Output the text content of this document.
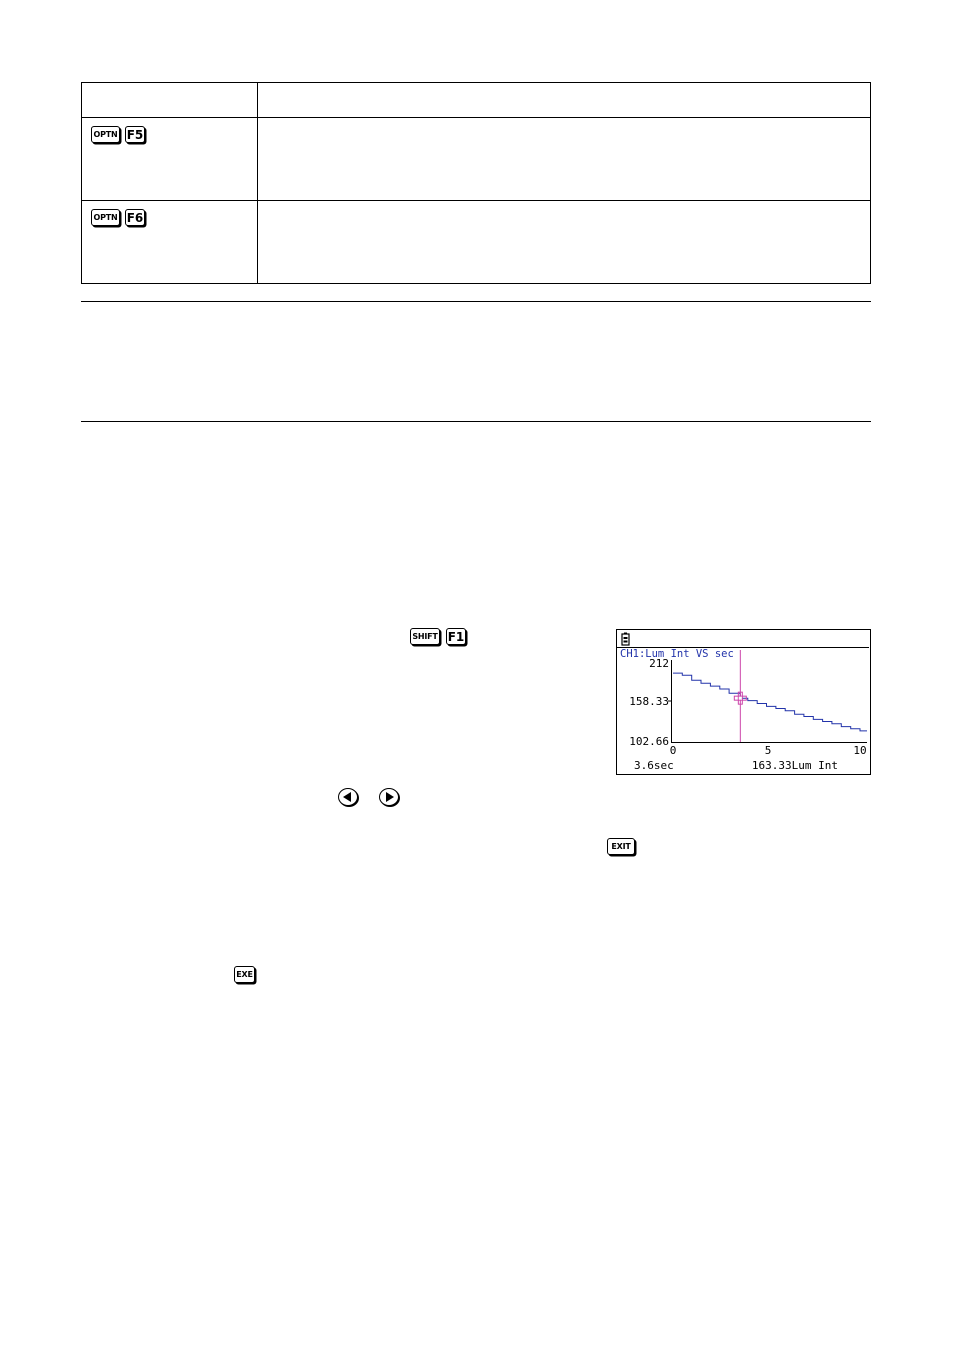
OPTN F5
OPTN F6
SHIFT F1
EXIT
EXE
CH1:Lum Int VS sec
212
158.33
102.66
0	5	10
3.6sec	163.33Lum Int
